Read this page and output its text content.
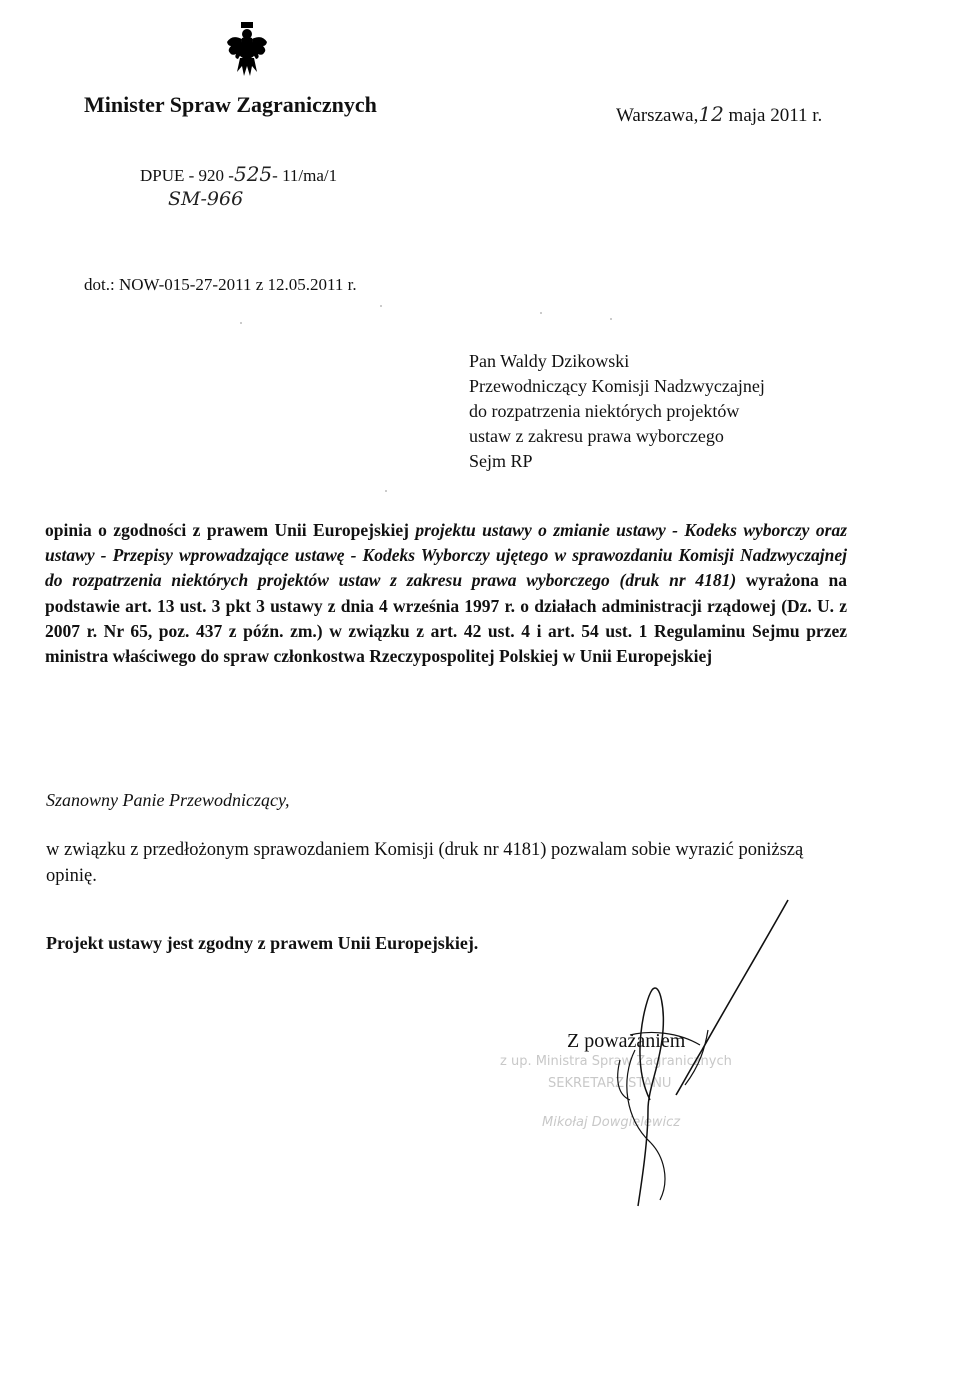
Minister Spraw Zagranicznych	Warszawa,12 maja 2011 r.
DPUE - 920 -525- 11/ma/1
SM-966
dot.: NOW-015-27-2011 z 12.05.2011 r.
Pan Waldy Dzikowski
Przewodniczący Komisji Nadzwyczajnej
do rozpatrzenia niektórych projektów
ustaw z zakresu prawa wyborczego
Sejm RP
opinia o zgodności z prawem Unii Europejskiej projektu ustawy o zmianie ustawy - Kodeks wyborczy oraz ustawy - Przepisy wprowadzające ustawę - Kodeks Wyborczy ujętego w sprawozdaniu Komisji Nadzwyczajnej do rozpatrzenia niektórych projektów ustaw z zakresu prawa wyborczego (druk nr 4181) wyrażona na podstawie art. 13 ust. 3 pkt 3 ustawy z dnia 4 września 1997 r. o działach administracji rządowej (Dz. U. z 2007 r. Nr 65, poz. 437 z późn. zm.) w związku z art. 42 ust. 4 i art. 54 ust. 1 Regulaminu Sejmu przez ministra właściwego do spraw członkostwa Rzeczypospolitej Polskiej w Unii Europejskiej
Szanowny Panie Przewodniczący,
w związku z przedłożonym sprawozdaniem Komisji (druk nr 4181) pozwalam sobie wyrazić poniższą opinię.
Projekt ustawy jest zgodny z prawem Unii Europejskiej.
z up. Ministra Spraw Zagranicznych
SEKRETARZ STANU
Mikołaj Dowgielewicz
Z poważaniem
